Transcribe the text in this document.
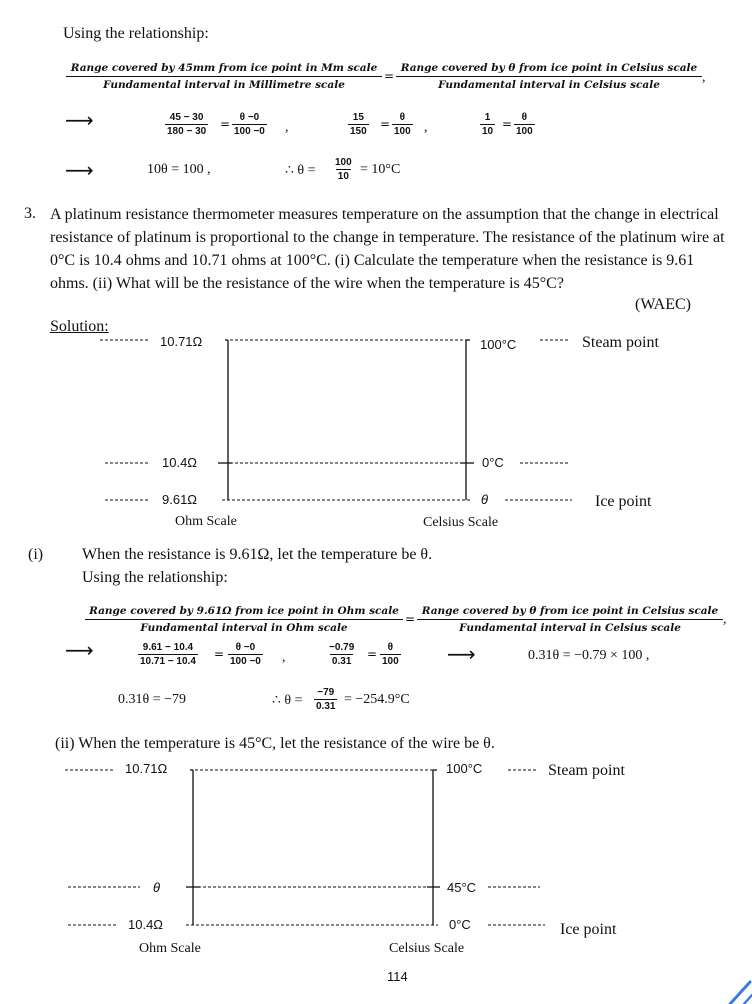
Using the relationship:
Range covered by 45mm from ice point in Mm scale
Fundamental interval in Millimetre scale
=
Range covered by θ from ice point in Celsius scale
Fundamental interval in Celsius scale	,
⟶	$\frac{45 - 30}{180 - 30} = \frac{\theta -0}{100 -0}$ ,	$\frac{15}{150} = \frac{\theta}{100}$ ,	$\frac{1}{10} = \frac{\theta}{100}$
⟶	10θ = 100 ,	∴ $\theta = \frac{100}{10} = 10^\circ C$
3. A platinum resistance thermometer measures temperature on the assumption that the change in electrical resistance of platinum is proportional to the change in temperature. The resistance of the platinum wire at 0°C is 10.4 ohms and 10.71 ohms at 100°C. (i) Calculate the temperature when the resistance is 9.61 ohms. (ii) What will be the resistance of the wire when the temperature is 45°C?
(WAEC)
Solution:
10.71Ω
10.4Ω
9.61Ω
100°C
0°C
θ
Steam point
Ice point
Ohm Scale	Celsius Scale
(i) When the resistance is 9.61Ω, let the temperature be θ.
Using the relationship:
Range covered by 9.61Ω from ice point in Ohm scale
Fundamental interval in Ohm scale
=
Range covered by θ from ice point in Celsius scale
Fundamental interval in Celsius scale
,
⟶	$\frac{9.61 - 10.4}{10.71 - 10.4} = \frac{\theta -0}{100 -0}$ ,	$\frac{-0.79}{0.31} = \frac{\theta}{100}$ ⟶	0.31θ = −0.79 × 100 ,
0.31θ = −79	∴ $\theta = \frac{-79}{0.31} = -254.9^\circ C$
(ii) When the temperature is 45°C, let the resistance of the wire be θ.
10.71Ω
θ
10.4Ω
100°C
45°C
0°C
Steam point
Ice point
Ohm Scale	Celsius Scale
114
